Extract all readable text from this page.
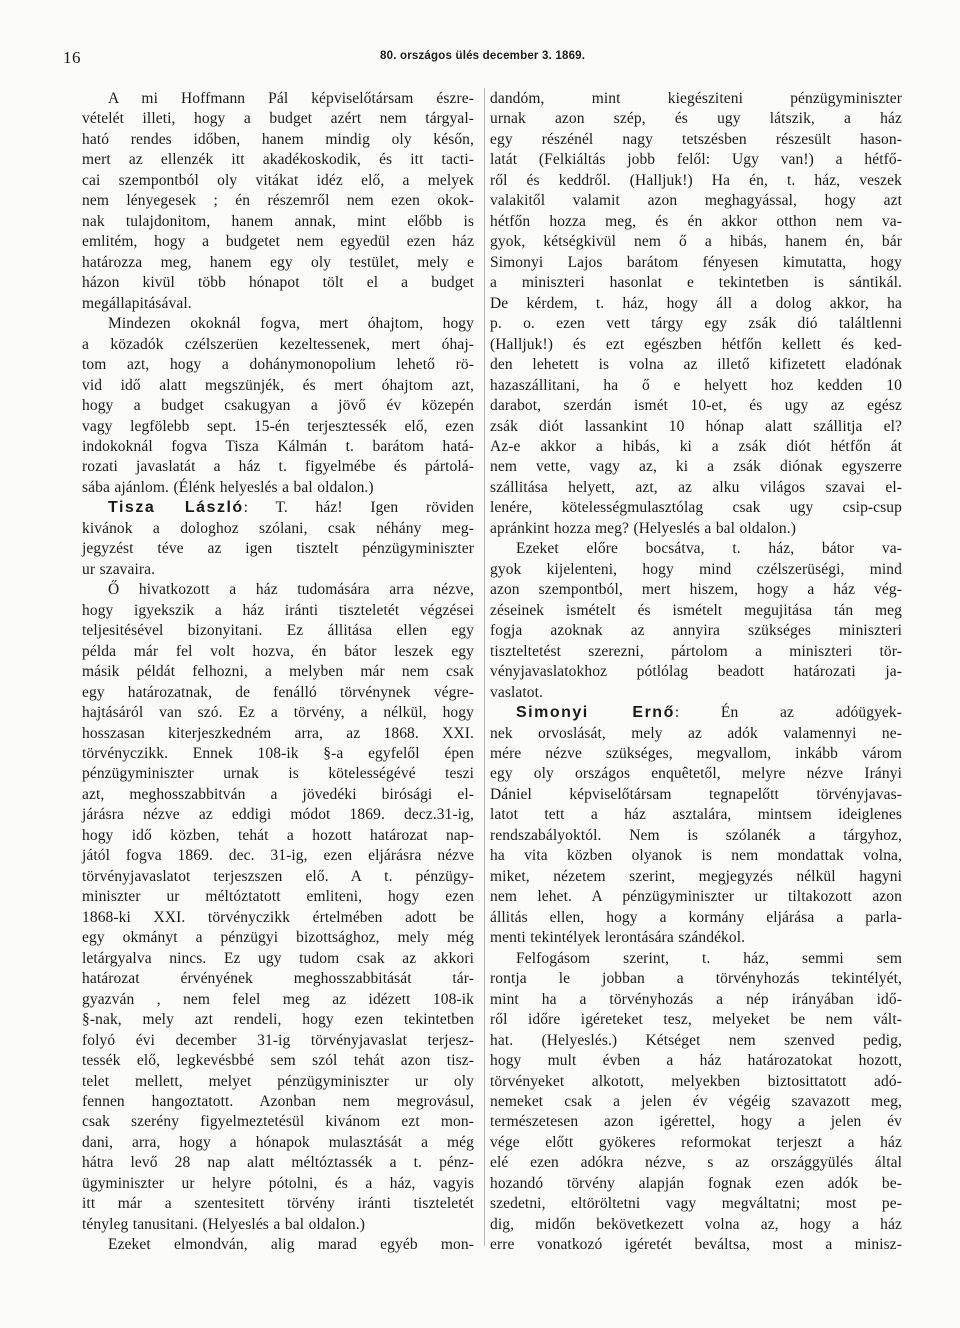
16	80. országos ülés december 3. 1869.
A mi Hoffmann Pál képviselőtársam észre-
vételét illeti, hogy a budget azért nem tárgyal-
ható rendes időben, hanem mindig oly későn,
mert az ellenzék itt akadékoskodik, és itt tacti-
cai szempontból oly vitákat idéz elő, a melyek
nem lényegesek ; én részemről nem ezen okok-
nak tulajdonitom, hanem annak, mint előbb is
emlitém, hogy a budgetet nem egyedül ezen ház
határozza meg, hanem egy oly testület, mely e
házon kivül több hónapot tölt el a budget
megállapitásával.
Mindezen okoknál fogva, mert óhajtom, hogy
a közadók czélszerüen kezeltessenek, mert óhaj-
tom azt, hogy a dohánymonopolium lehető rö-
vid idő alatt megszünjék, és mert óhajtom azt,
hogy a budget csakugyan a jövő év közepén
vagy legfölebb sept. 15-én terjesztessék elő, ezen
indokoknál fogva Tisza Kálmán t. barátom hatá-
rozati javaslatát a ház t. figyelmébe és pártolá-
sába ajánlom. (Élénk helyeslés a bal oldalon.)
Tisza László: T. ház! Igen röviden
kivánok a dologhoz szólani, csak néhány meg-
jegyzést téve az igen tisztelt pénzügyminiszter
ur szavaira.
Ő hivatkozott a ház tudomására arra nézve,
hogy igyekszik a ház iránti tiszteletét végzései
teljesitésével bizonyitani. Ez állitása ellen egy
példa már fel volt hozva, én bátor leszek egy
másik példát felhozni, a melyben már nem csak
egy határozatnak, de fenálló törvénynek végre-
hajtásáról van szó. Ez a törvény, a nélkül, hogy
hosszasan kiterjeszkedném arra, az 1868. XXI.
törvényczikk. Ennek 108-ik §-a egyfelől épen
pénzügyminiszter urnak is kötelességévé teszi
azt, meghosszabbitván a jövedéki birósági el-
járásra nézve az eddigi módot 1869. decz.31-ig,
hogy idő közben, tehát a hozott határozat nap-
jától fogva 1869. dec. 31-ig, ezen eljárásra nézve
törvényjavaslatot terjeszszen elő. A t. pénzügy-
miniszter ur méltóztatott emliteni, hogy ezen
1868-ki XXI. törvényczikk értelmében adott be
egy okmányt a pénzügyi bizottsághoz, mely még
letárgyalva nincs. Ez ugy tudom csak az akkori
határozat érvényének meghosszabbitását tár-
gyazván , nem felel meg az idézett 108-ik
§-nak, mely azt rendeli, hogy ezen tekintetben
folyó évi december 31-ig törvényjavaslat terjesz-
tessék elő, legkevésbbé sem szól tehát azon tisz-
telet mellett, melyet pénzügyminiszter ur oly
fennen hangoztatott. Azonban nem megrovásul,
csak szerény figyelmeztetésül kivánom ezt mon-
dani, arra, hogy a hónapok mulasztását a még
hátra levő 28 nap alatt méltóztassék a t. pénz-
ügyminiszter ur helyre pótolni, és a ház, vagyis
itt már a szentesitett törvény iránti tiszteletét
tényleg tanusitani. (Helyeslés a bal oldalon.)
Ezeket elmondván, alig marad egyéb mon-
dandóm, mint kiegésziteni pénzügyminiszter
urnak azon szép, és ugy látszik, a ház
egy részénél nagy tetszésben részesült hason-
latát (Felkiáltás jobb felől: Ugy van!) a hétfő-
ről és keddről. (Halljuk!) Ha én, t. ház, veszek
valakitől valamit azon meghagyással, hogy azt
hétfőn hozza meg, és én akkor otthon nem va-
gyok, kétségkivül nem ő a hibás, hanem én, bár
Simonyi Lajos barátom fényesen kimutatta, hogy
a miniszteri hasonlat e tekintetben is sántikál.
De kérdem, t. ház, hogy áll a dolog akkor, ha
p. o. ezen vett tárgy egy zsák dió találtlenni
(Halljuk!) és ezt egészben hétfőn kellett és ked-
den lehetett is volna az illető kifizetett eladónak
hazaszállitani, ha ő e helyett hoz kedden 10
darabot, szerdán ismét 10-et, és ugy az egész
zsák diót lassankint 10 hónap alatt szállitja el?
Az-e akkor a hibás, ki a zsák diót hétfőn át
nem vette, vagy az, ki a zsák diónak egyszerre
szállitása helyett, azt, az alku világos szavai el-
lenére, kötelességmulasztólag csak ugy csip-csup
apránkint hozza meg? (Helyeslés a bal oldalon.)
Ezeket előre bocsátva, t. ház, bátor va-
gyok kijelenteni, hogy mind czélszerüségi, mind
azon szempontból, mert hiszem, hogy a ház vég-
zéseinek ismételt és ismételt megujitása tán meg
fogja azoknak az annyira szükséges miniszteri
tiszteltetést szerezni, pártolom a miniszteri tör-
vényjavaslatokhoz pótlólag beadott határozati ja-
vaslatot.
Simonyi Ernő: Én az adóügyek-
nek orvoslását, mely az adók valamennyi ne-
mére nézve szükséges, megvallom, inkább várom
egy oly országos enquêtetől, melyre nézve Irányi
Dániel képviselőtársam tegnapelőtt törvényjavas-
latot tett a ház asztalára, mintsem ideiglenes
rendszabályoktól. Nem is szólanék a tárgyhoz,
ha vita közben olyanok is nem mondattak volna,
miket, nézetem szerint, megjegyzés nélkül hagyni
nem lehet. A pénzügyminiszter ur tiltakozott azon
állitás ellen, hogy a kormány eljárása a parla-
menti tekintélyek lerontására szándékol.
Felfogásom szerint, t. ház, semmi sem
rontja le jobban a törvényhozás tekintélyét,
mint ha a törvényhozás a nép irányában idő-
ről időre igéreteket tesz, melyeket be nem vált-
hat. (Helyeslés.) Kétséget nem szenved pedig,
hogy mult évben a ház határozatokat hozott,
törvényeket alkotott, melyekben biztosittatott adó-
nemeket csak a jelen év végéig szavazott meg,
természetesen azon igérettel, hogy a jelen év
vége előtt gyökeres reformokat terjeszt a ház
elé ezen adókra nézve, s az országgyülés által
hozandó törvény alapján fognak ezen adók be-
szedetni, eltöröltetni vagy megváltatni; most pe-
dig, midőn bekövetkezett volna az, hogy a ház
erre vonatkozó igéretét beváltsa, most a minisz-
